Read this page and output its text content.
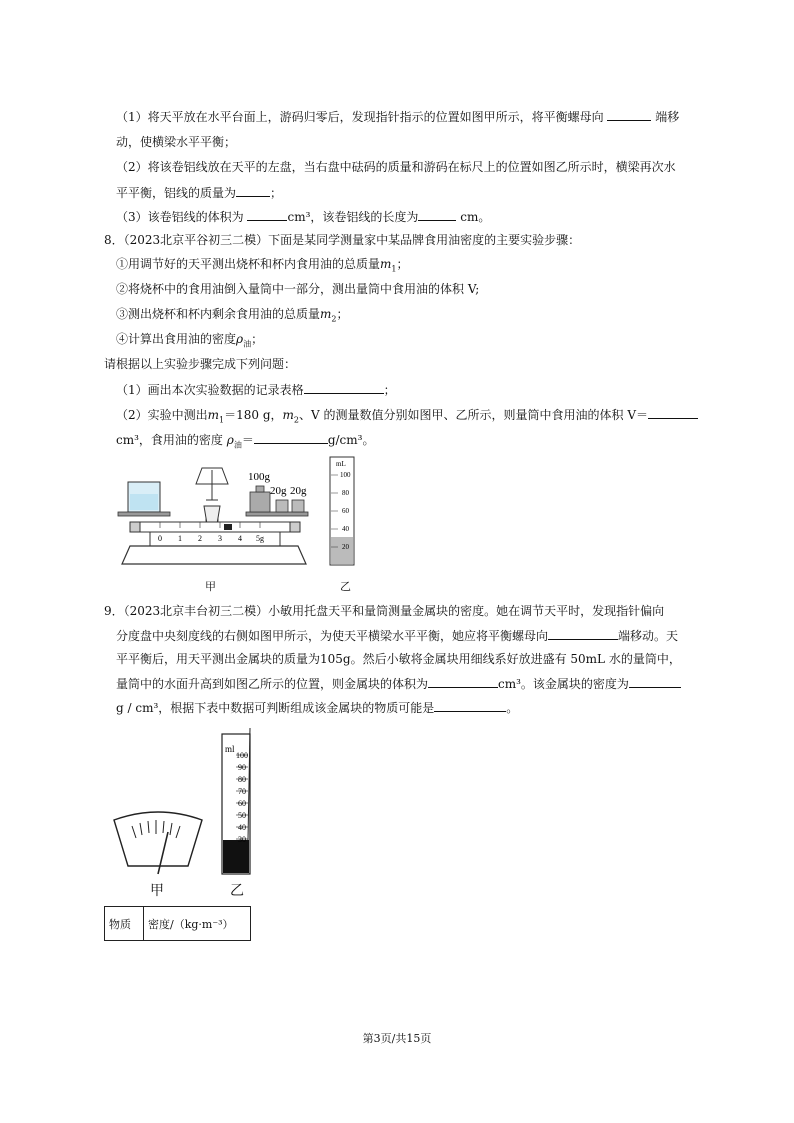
（1）将天平放在水平台面上，游码归零后，发现指针指示的位置如图甲所示，将平衡螺母向	端移
动，使横梁水平平衡；
（2）将该卷铝线放在天平的左盘，当右盘中砝码的质量和游码在标尺上的位置如图乙所示时，横梁再次水
平平衡，铝线的质量为	；
（3）该卷铝线的体积为	cm³，该卷铝线的长度为	cm。
8．（2023北京平谷初三二模）下面是某同学测量家中某品牌食用油密度的主要实验步骤：
①用调节好的天平测出烧杯和杯内食用油的总质量$m_1$；
②将烧杯中的食用油倒入量筒中一部分，测出量筒中食用油的体积 V;
③测出烧杯和杯内剩余食用油的总质量$m_2$；
④计算出食用油的密度$\rho_油$；
请根据以上实验步骤完成下列问题：
（1）画出本次实验数据的记录表格	；
（2）实验中测出$m_1=180$ g，$m_2$、V 的测量数值分别如图甲、乙所示，则量筒中食用油的体积 V＝
cm³，食用油的密度 $\rho_油=$	g/cm³。
100g
20g 20g
0 1 2 3 4 5g
mL
100
80
60
40
20
甲	乙
9．（2023北京丰台初三二模）小敏用托盘天平和量筒测量金属块的密度。她在调节天平时，发现指针偏向
分度盘中央刻度线的右侧如图甲所示，为使天平横梁水平平衡，她应将平衡螺母向	端移动。天
平平衡后，用天平测出金属块的质量为105g。然后小敏将金属块用细线系好放进盛有 50mL 水的量筒中，
量筒中的水面升高到如图乙所示的位置，则金属块的体积为	cm³。该金属块的密度为
g / cm³，根据下表中数据可判断组成该金属块的物质可能是	。
ml
100
90
80
70
60
50
40
30
甲	乙
物质	密度/（kg·m⁻³）
第3页/共15页
